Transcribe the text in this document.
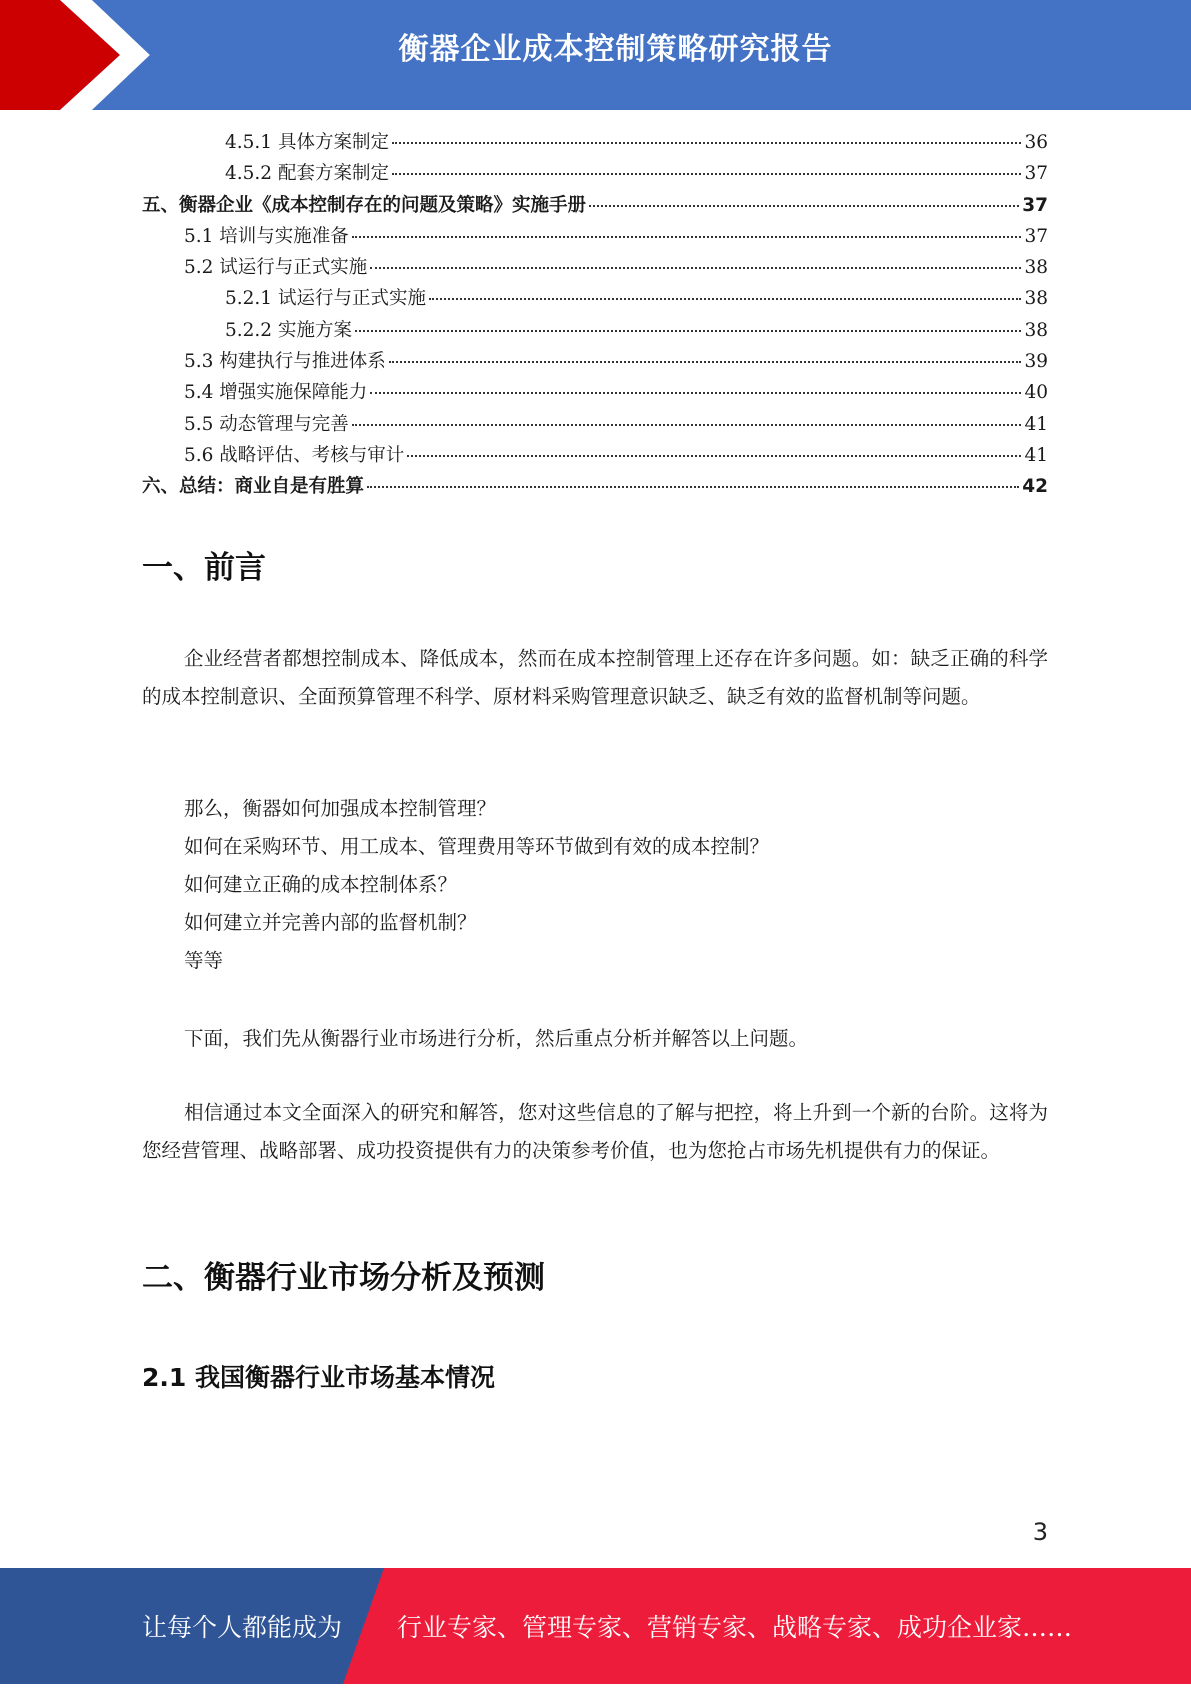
衡器企业成本控制策略研究报告
4.5.1 具体方案制定	36
4.5.2 配套方案制定	37
五、衡器企业《成本控制存在的问题及策略》实施手册	37
5.1 培训与实施准备	37
5.2 试运行与正式实施	38
5.2.1 试运行与正式实施	38
5.2.2 实施方案	38
5.3 构建执行与推进体系	39
5.4 增强实施保障能力	40
5.5 动态管理与完善	41
5.6 战略评估、考核与审计	41
六、总结：商业自是有胜算	42
一、前言

企业经营者都想控制成本、降低成本，然而在成本控制管理上还存在许多问题。如：缺乏正确的科学的成本控制意识、全面预算管理不科学、原材料采购管理意识缺乏、缺乏有效的监督机制等问题。

那么，衡器如何加强成本控制管理？
如何在采购环节、用工成本、管理费用等环节做到有效的成本控制？
如何建立正确的成本控制体系？
如何建立并完善内部的监督机制？
等等

下面，我们先从衡器行业市场进行分析，然后重点分析并解答以上问题。

相信通过本文全面深入的研究和解答，您对这些信息的了解与把控，将上升到一个新的台阶。这将为您经营管理、战略部署、成功投资提供有力的决策参考价值，也为您抢占市场先机提供有力的保证。

二、衡器行业市场分析及预测
2.1 我国衡器行业市场基本情况
3
让每个人都能成为 行业专家、管理专家、营销专家、战略专家、成功企业家……
